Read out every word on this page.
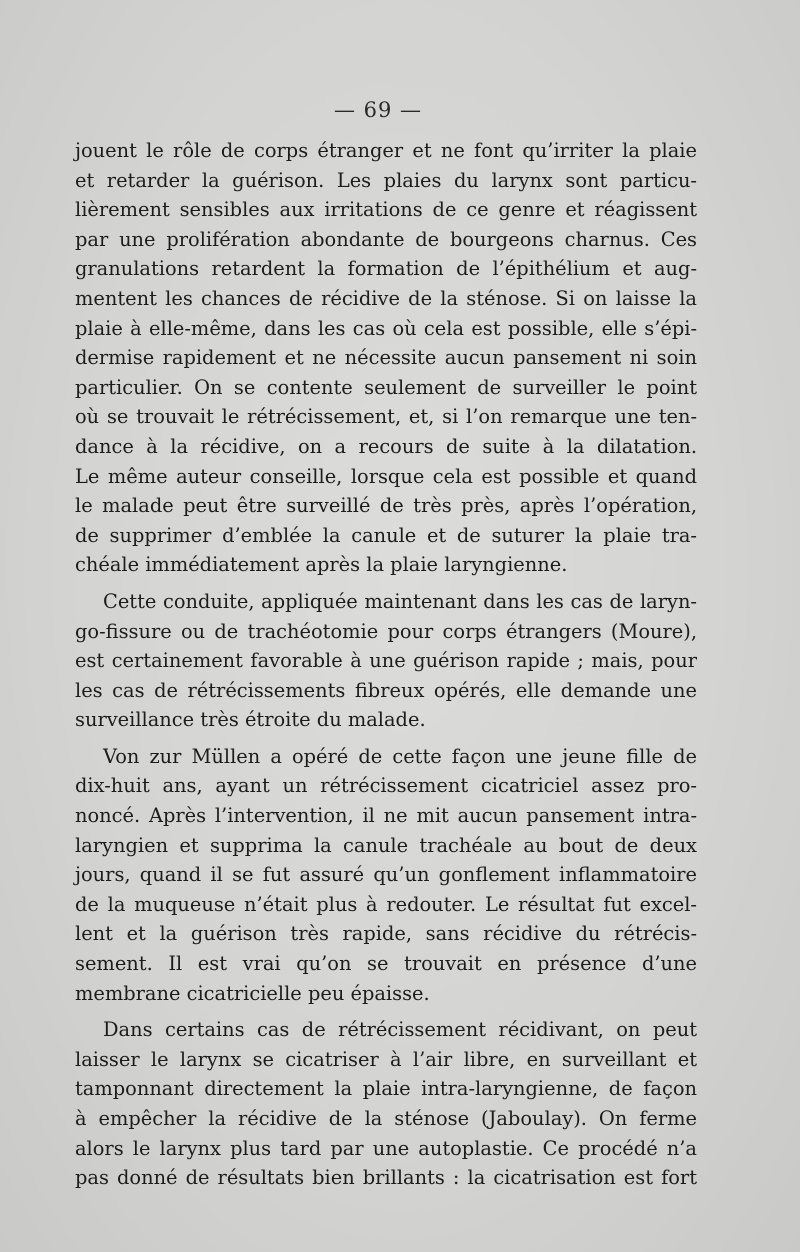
— 69 —
jouent le rôle de corps étranger et ne font qu’irriter la plaie
et retarder la guérison. Les plaies du larynx sont particu-
lièrement sensibles aux irritations de ce genre et réagissent
par une prolifération abondante de bourgeons charnus. Ces
granulations retardent la formation de l’épithélium et aug-
mentent les chances de récidive de la sténose. Si on laisse la
plaie à elle-même, dans les cas où cela est possible, elle s’épi-
dermise rapidement et ne nécessite aucun pansement ni soin
particulier. On se contente seulement de surveiller le point
où se trouvait le rétrécissement, et, si l’on remarque une ten-
dance à la récidive, on a recours de suite à la dilatation.
Le même auteur conseille, lorsque cela est possible et quand
le malade peut être surveillé de très près, après l’opération,
de supprimer d’emblée la canule et de suturer la plaie tra-
chéale immédiatement après la plaie laryngienne.
Cette conduite, appliquée maintenant dans les cas de laryn-
go-fissure ou de trachéotomie pour corps étrangers (Moure),
est certainement favorable à une guérison rapide ; mais, pour
les cas de rétrécissements fibreux opérés, elle demande une
surveillance très étroite du malade.
Von zur Müllen a opéré de cette façon une jeune fille de
dix-huit ans, ayant un rétrécissement cicatriciel assez pro-
noncé. Après l’intervention, il ne mit aucun pansement intra-
laryngien et supprima la canule trachéale au bout de deux
jours, quand il se fut assuré qu’un gonflement inflammatoire
de la muqueuse n’était plus à redouter. Le résultat fut excel-
lent et la guérison très rapide, sans récidive du rétrécis-
sement. Il est vrai qu’on se trouvait en présence d’une
membrane cicatricielle peu épaisse.
Dans certains cas de rétrécissement récidivant, on peut
laisser le larynx se cicatriser à l’air libre, en surveillant et
tamponnant directement la plaie intra-laryngienne, de façon
à empêcher la récidive de la sténose (Jaboulay). On ferme
alors le larynx plus tard par une autoplastie. Ce procédé n’a
pas donné de résultats bien brillants : la cicatrisation est fort
